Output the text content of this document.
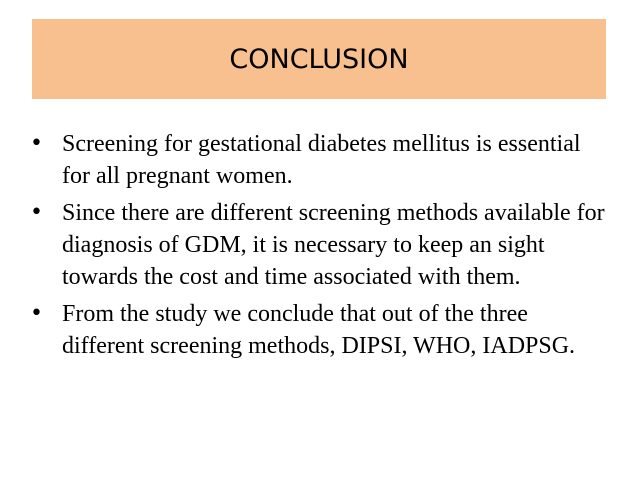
CONCLUSION
• Screening for gestational diabetes mellitus is essential for all pregnant women.
• Since there are different screening methods available for diagnosis of GDM, it is necessary to keep an sight towards the cost and time associated with them.
• From the study we conclude that out of the three different screening methods, DIPSI, WHO, IADPSG.
